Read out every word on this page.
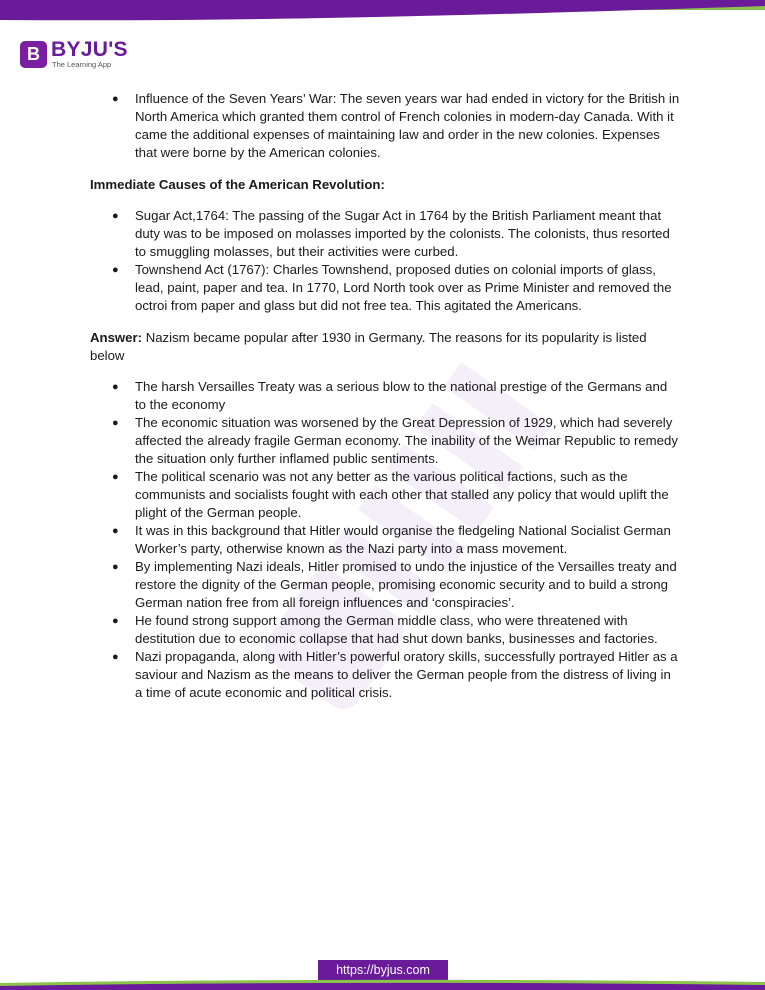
B BYJU'S
The Learning App
● Influence of the Seven Years’ War: The seven years war had ended in victory for the British in North America which granted them control of French colonies in modern-day Canada. With it came the additional expenses of maintaining law and order in the new colonies. Expenses that were borne by the American colonies.
Immediate Causes of the American Revolution:
● Sugar Act,1764: The passing of the Sugar Act in 1764 by the British Parliament meant that duty was to be imposed on molasses imported by the colonists. The colonists, thus resorted to smuggling molasses, but their activities were curbed.
● Townshend Act (1767): Charles Townshend, proposed duties on colonial imports of glass, lead, paint, paper and tea. In 1770, Lord North took over as Prime Minister and removed the octroi from paper and glass but did not free tea. This agitated the Americans.
Answer: Nazism became popular after 1930 in Germany. The reasons for its popularity is listed below
● The harsh Versailles Treaty was a serious blow to the national prestige of the Germans and to the economy
● The economic situation was worsened by the Great Depression of 1929, which had severely affected the already fragile German economy. The inability of the Weimar Republic to remedy the situation only further inflamed public sentiments.
● The political scenario was not any better as the various political factions, such as the communists and socialists fought with each other that stalled any policy that would uplift the plight of the German people.
● It was in this background that Hitler would organise the fledgeling National Socialist German Worker’s party, otherwise known as the Nazi party into a mass movement.
● By implementing Nazi ideals, Hitler promised to undo the injustice of the Versailles treaty and restore the dignity of the German people, promising economic security and to build a strong German nation free from all foreign influences and ‘conspiracies’.
● He found strong support among the German middle class, who were threatened with destitution due to economic collapse that had shut down banks, businesses and factories.
● Nazi propaganda, along with Hitler’s powerful oratory skills, successfully portrayed Hitler as a saviour and Nazism as the means to deliver the German people from the distress of living in a time of acute economic and political crisis.
https://byjus.com
